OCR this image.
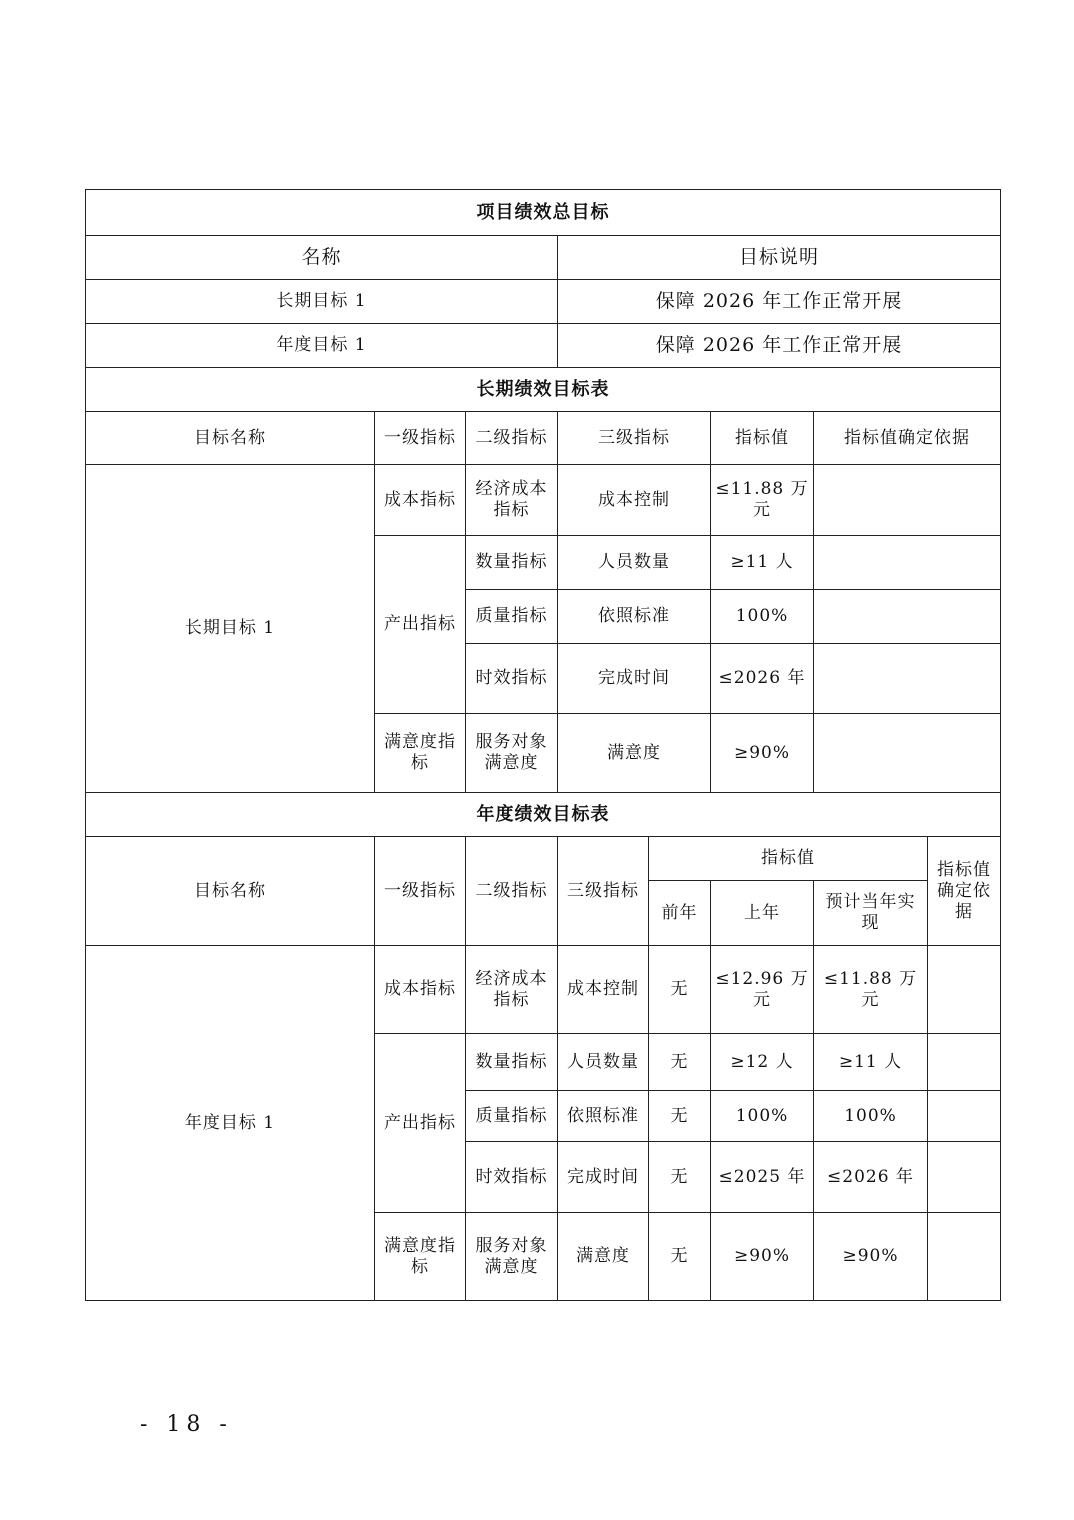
项目绩效总目标							
名称			目标说明				
长期目标 1			保障 2026 年工作正常开展				
年度目标 1			保障 2026 年工作正常开展				
长期绩效目标表							
目标名称	一级指标	二级指标	三级指标		指标值	指标值确定依据	
长期目标 1	成本指标	经济成本指标	成本控制		≤11.88 万元		
	产出指标	数量指标	人员数量		≥11 人		
		质量指标	依照标准		100%		
		时效指标	完成时间		≤2026 年		
	满意度指标	服务对象满意度	满意度		≥90%		
年度绩效目标表							
目标名称	一级指标	二级指标	三级指标	指标值			指标值确定依据
				前年	上年	预计当年实现	
年度目标 1	成本指标	经济成本指标	成本控制	无	≤12.96 万元	≤11.88 万元	
	产出指标	数量指标	人员数量	无	≥12 人	≥11 人	
		质量指标	依照标准	无	100%	100%	
		时效指标	完成时间	无	≤2025 年	≤2026 年	
	满意度指标	服务对象满意度	满意度	无	≥90%	≥90%	
- 18 -
